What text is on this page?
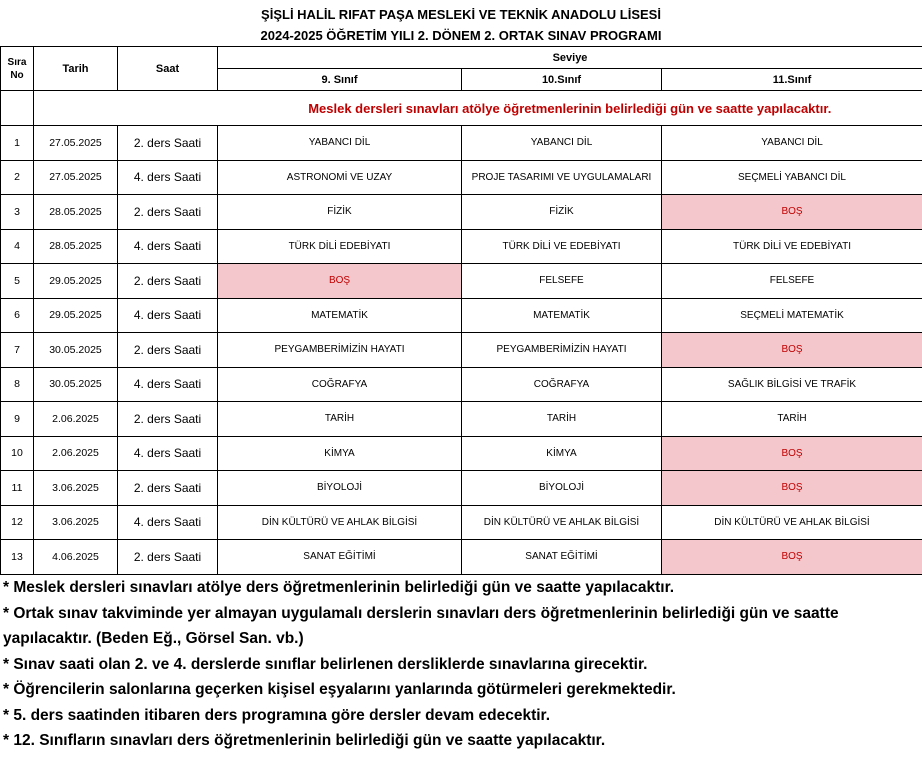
ŞİŞLİ HALİL RIFAT PAŞA MESLEKİ VE TEKNİK ANADOLU LİSESİ
2024-2025 ÖĞRETİM YILI 2. DÖNEM 2. ORTAK SINAV PROGRAMI
Sıra No	Tarih	Saat	Seviye		
			9. Sınıf	10.Sınıf	11.Sınıf
			Meslek dersleri sınavları atölye öğretmenlerinin belirlediği gün ve saatte yapılacaktır.		
1	27.05.2025	2. ders Saati	YABANCI DİL	YABANCI DİL	YABANCI DİL
2	27.05.2025	4. ders Saati	ASTRONOMİ VE UZAY	PROJE TASARIMI VE UYGULAMALARI	SEÇMELİ YABANCI DİL
3	28.05.2025	2. ders Saati	FİZİK	FİZİK	BOŞ
4	28.05.2025	4. ders Saati	TÜRK DİLİ EDEBİYATI	TÜRK DİLİ VE EDEBİYATI	TÜRK DİLİ VE EDEBİYATI
5	29.05.2025	2. ders Saati	BOŞ	FELSEFE	FELSEFE
6	29.05.2025	4. ders Saati	MATEMATİK	MATEMATİK	SEÇMELİ MATEMATİK
7	30.05.2025	2. ders Saati	PEYGAMBERİMİZİN HAYATI	PEYGAMBERİMİZİN HAYATI	BOŞ
8	30.05.2025	4. ders Saati	COĞRAFYA	COĞRAFYA	SAĞLIK BİLGİSİ VE TRAFİK
9	2.06.2025	2. ders Saati	TARİH	TARİH	TARİH
10	2.06.2025	4. ders Saati	KİMYA	KİMYA	BOŞ
11	3.06.2025	2. ders Saati	BİYOLOJİ	BİYOLOJİ	BOŞ
12	3.06.2025	4. ders Saati	DİN KÜLTÜRÜ VE AHLAK BİLGİSİ	DİN KÜLTÜRÜ VE AHLAK BİLGİSİ	DİN KÜLTÜRÜ VE AHLAK BİLGİSİ
13	4.06.2025	2. ders Saati	SANAT EĞİTİMİ	SANAT EĞİTİMİ	BOŞ

* Meslek dersleri sınavları atölye ders öğretmenlerinin belirlediği gün ve saatte yapılacaktır.

* Ortak sınav takviminde yer almayan uygulamalı derslerin sınavları ders öğretmenlerinin belirlediği gün ve saatte yapılacaktır. (Beden Eğ., Görsel San. vb.)

* Sınav saati olan 2. ve 4. derslerde sınıflar belirlenen dersliklerde sınavlarına girecektir.

* Öğrencilerin salonlarına geçerken kişisel eşyalarını yanlarında götürmeleri gerekmektedir.

* 5. ders saatinden itibaren ders programına göre dersler devam edecektir.

* 12. Sınıfların sınavları ders öğretmenlerinin belirlediği gün ve saatte yapılacaktır.
